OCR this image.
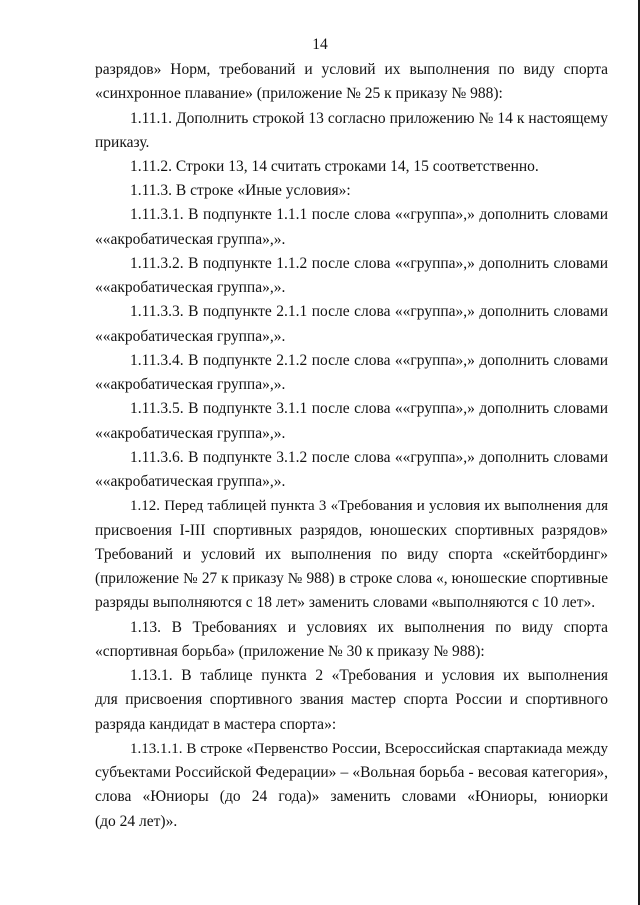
14
разрядов» Норм, требований и условий их выполнения по виду спорта
«синхронное плавание» (приложение № 25 к приказу № 988):
1.11.1. Дополнить строкой 13 согласно приложению № 14 к настоящему
приказу.
1.11.2. Строки 13, 14 считать строками 14, 15 соответственно.
1.11.3. В строке «Иные условия»:
1.11.3.1. В подпункте 1.1.1 после слова ««группа»,» дополнить словами
««акробатическая группа»,».
1.11.3.2. В подпункте 1.1.2 после слова ««группа»,» дополнить словами
««акробатическая группа»,».
1.11.3.3. В подпункте 2.1.1 после слова ««группа»,» дополнить словами
««акробатическая группа»,».
1.11.3.4. В подпункте 2.1.2 после слова ««группа»,» дополнить словами
««акробатическая группа»,».
1.11.3.5. В подпункте 3.1.1 после слова ««группа»,» дополнить словами
««акробатическая группа»,».
1.11.3.6. В подпункте 3.1.2 после слова ««группа»,» дополнить словами
««акробатическая группа»,».
1.12. Перед таблицей пункта 3 «Требования и условия их выполнения для
присвоения I-III спортивных разрядов, юношеских спортивных разрядов»
Требований и условий их выполнения по виду спорта «скейтбординг»
(приложение № 27 к приказу № 988) в строке слова «, юношеские спортивные
разряды выполняются с 18 лет» заменить словами «выполняются с 10 лет».
1.13. В Требованиях и условиях их выполнения по виду спорта
«спортивная борьба» (приложение № 30 к приказу № 988):
1.13.1. В таблице пункта 2 «Требования и условия их выполнения
для присвоения спортивного звания мастер спорта России и спортивного
разряда кандидат в мастера спорта»:
1.13.1.1. В строке «Первенство России, Всероссийская спартакиада между
субъектами Российской Федерации» – «Вольная борьба - весовая категория»,
слова «Юниоры (до 24 года)» заменить словами «Юниоры, юниорки
(до 24 лет)».
